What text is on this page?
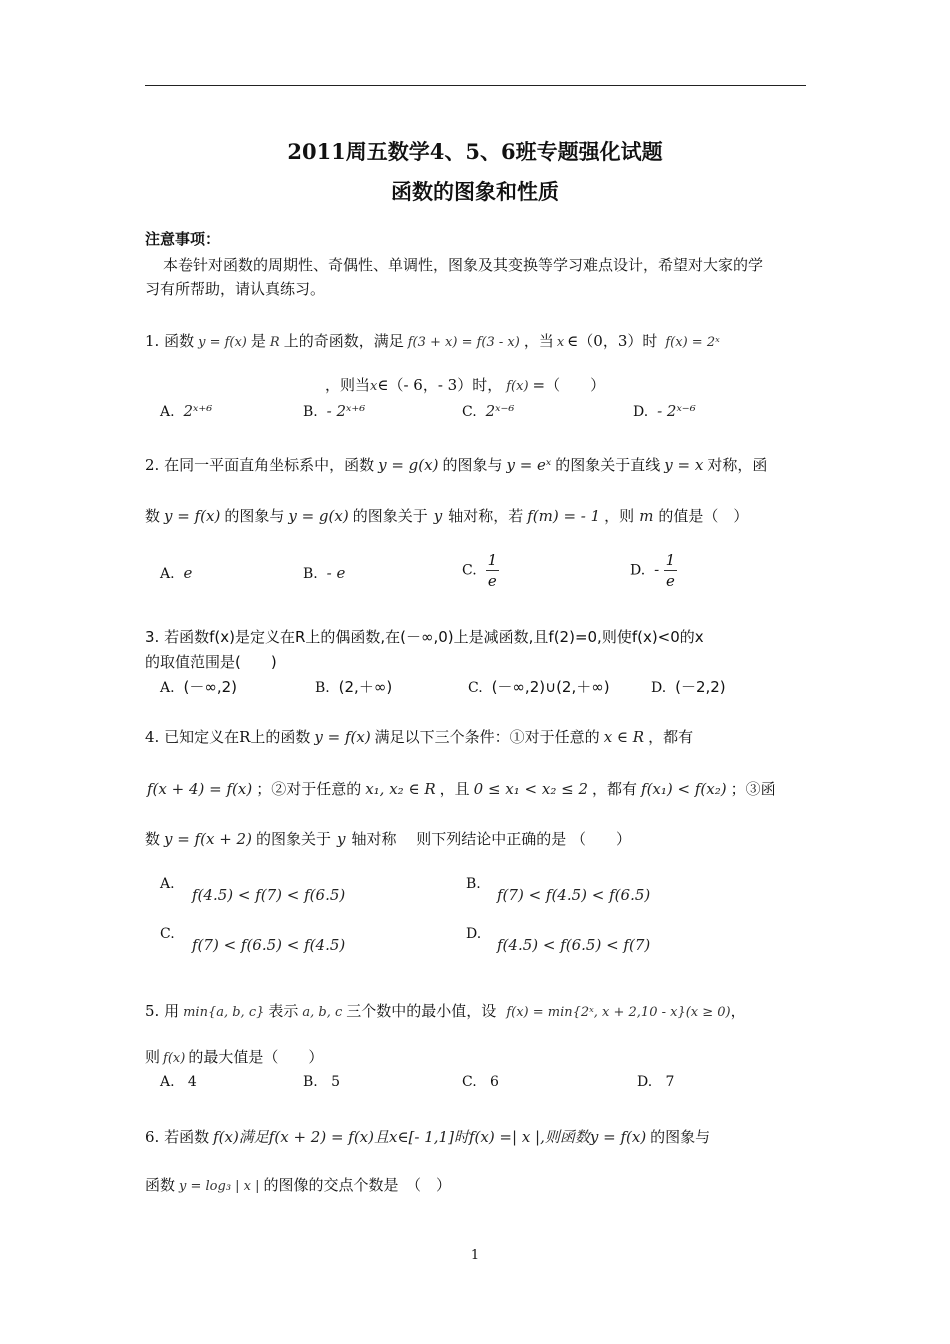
2011周五数学4、5、6班专题强化试题
函数的图象和性质
注意事项：
本卷针对函数的周期性、奇偶性、单调性，图象及其变换等学习难点设计，希望对大家的学
习有所帮助，请认真练习。
1. 函数 y = f(x) 是 R 上的奇函数，满足 f(3 + x) = f(3 - x) ，当 x ∈（0，3）时 f(x) = 2ˣ
，则当x∈（- 6，- 3）时， f(x) =（　　）
A. 2ˣ⁺⁶	B. - 2ˣ⁺⁶	C. 2ˣ⁻⁶	D. - 2ˣ⁻⁶
2. 在同一平面直角坐标系中，函数 y = g(x) 的图象与 y = eˣ 的图象关于直线 y = x 对称，函
数 y = f(x) 的图象与 y = g(x) 的图象关于 y 轴对称，若 f(m) = - 1 ，则 m 的值是（　）
A. e	B. - e	C. $\frac{1}{e}$	D. - $\frac{1}{e}$
3. 若函数f(x)是定义在R上的偶函数,在(－∞,0)上是减函数,且f(2)=0,则使f(x)<0的x
的取值范围是(　　)
A. (－∞,2)	B. (2,＋∞)	C. (－∞,2)∪(2,＋∞)	D. (－2,2)
4. 已知定义在R上的函数 y = f(x) 满足以下三个条件：①对于任意的 x ∈ R ，都有
f(x + 4) = f(x) ；②对于任意的 x₁, x₂ ∈ R ，且 0 ≤ x₁ < x₂ ≤ 2 ，都有 f(x₁) < f(x₂) ；③函
数 y = f(x + 2) 的图象关于 y 轴对称　 则下列结论中正确的是 （　　）
A.
f(4.5) < f(7) < f(6.5)
B.
f(7) < f(4.5) < f(6.5)
C.
f(7) < f(6.5) < f(4.5)
D.
f(4.5) < f(6.5) < f(7)
5. 用 min{a, b, c} 表示 a, b, c 三个数中的最小值，设 f(x) = min{2ˣ, x + 2,10 - x}(x ≥ 0)，
则 f(x) 的最大值是（　　）
A. 4	B. 5	C. 6	D. 7
6. 若函数 f(x)满足f(x + 2) = f(x)且x∈[- 1,1]时f(x) =| x |,则函数y = f(x) 的图象与
函数 y = log₃ | x | 的图像的交点个数是　（　）
1
